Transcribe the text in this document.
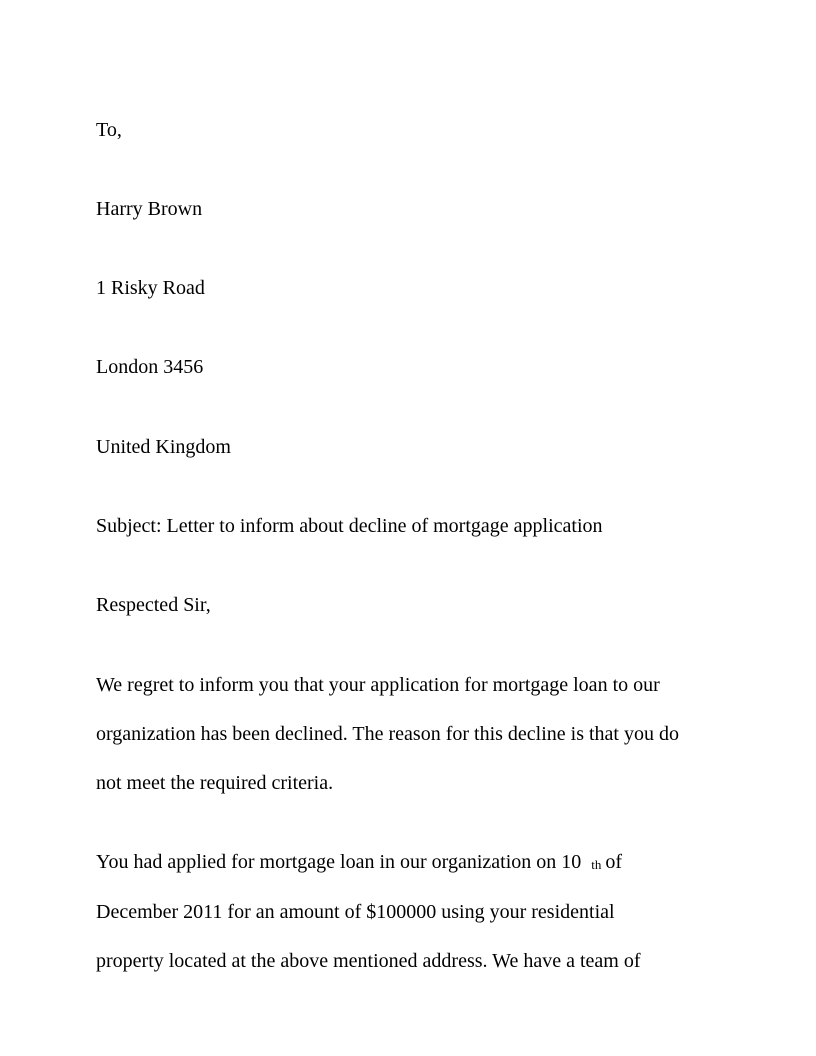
To,
Harry Brown
1 Risky Road
London 3456
United Kingdom
Subject: Letter to inform about decline of mortgage application
Respected Sir,
We regret to inform you that your application for mortgage loan to our
organization has been declined. The reason for this decline is that you do
not meet the required criteria.
You had applied for mortgage loan in our organization on 10 th of
December 2011 for an amount of $100000 using your residential
property located at the above mentioned address. We have a team of
